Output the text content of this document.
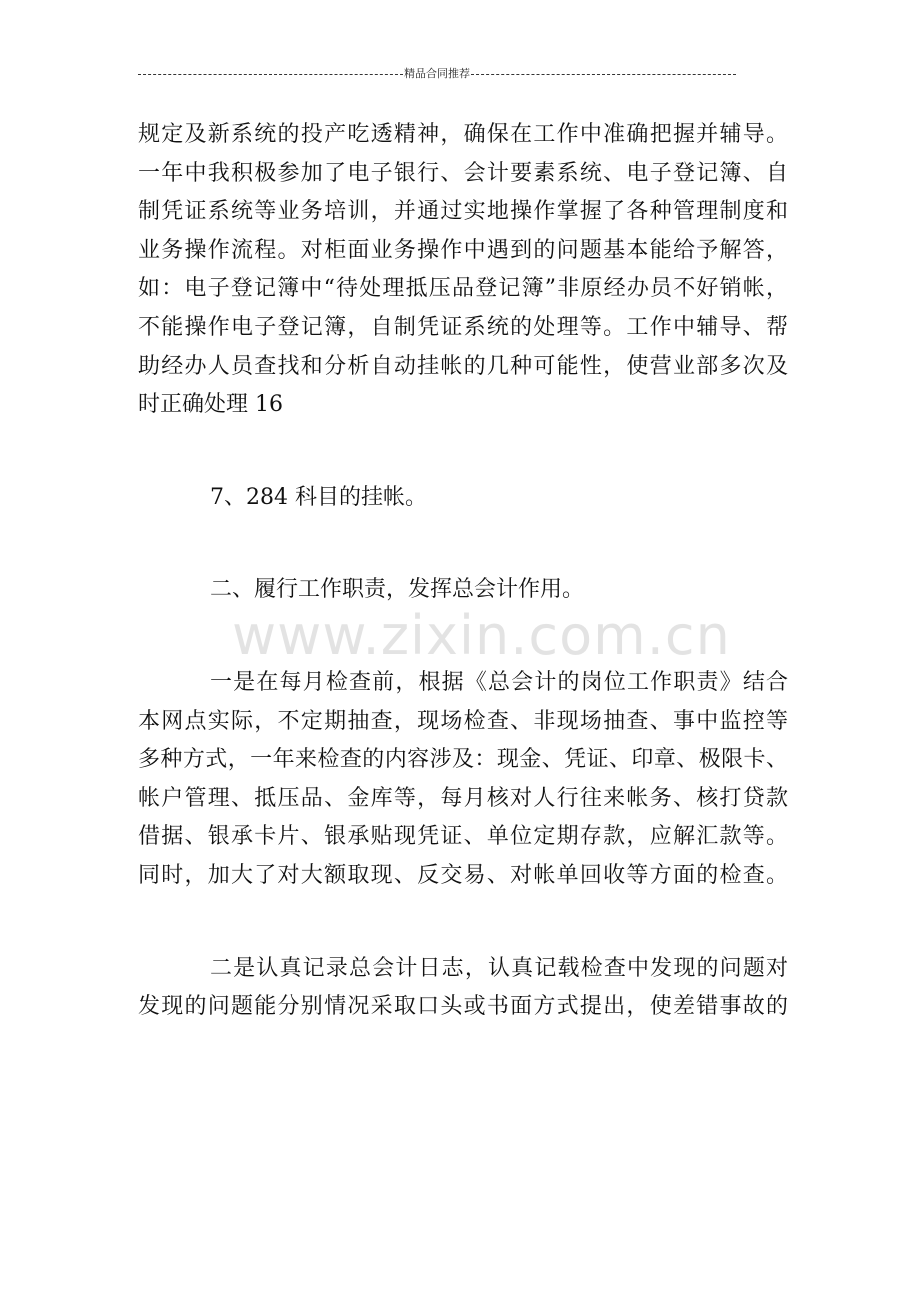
精品合同推荐
www.zixin.com.cn
规定及新系统的投产吃透精神，确保在工作中准确把握并辅导。
一年中我积极参加了电子银行、会计要素系统、电子登记簿、自
制凭证系统等业务培训，并通过实地操作掌握了各种管理制度和
业务操作流程。对柜面业务操作中遇到的问题基本能给予解答，
如：电子登记簿中“待处理抵压品登记簿”非原经办员不好销帐，
不能操作电子登记簿，自制凭证系统的处理等。工作中辅导、帮
助经办人员查找和分析自动挂帐的几种可能性，使营业部多次及
时正确处理 16
7、284 科目的挂帐。
二、履行工作职责，发挥总会计作用。
一是在每月检查前，根据《总会计的岗位工作职责》结合
本网点实际，不定期抽查，现场检查、非现场抽查、事中监控等
多种方式，一年来检查的内容涉及：现金、凭证、印章、极限卡、
帐户管理、抵压品、金库等，每月核对人行往来帐务、核打贷款
借据、银承卡片、银承贴现凭证、单位定期存款，应解汇款等。
同时，加大了对大额取现、反交易、对帐单回收等方面的检查。
二是认真记录总会计日志，认真记载检查中发现的问题对
发现的问题能分别情况采取口头或书面方式提出，使差错事故的
